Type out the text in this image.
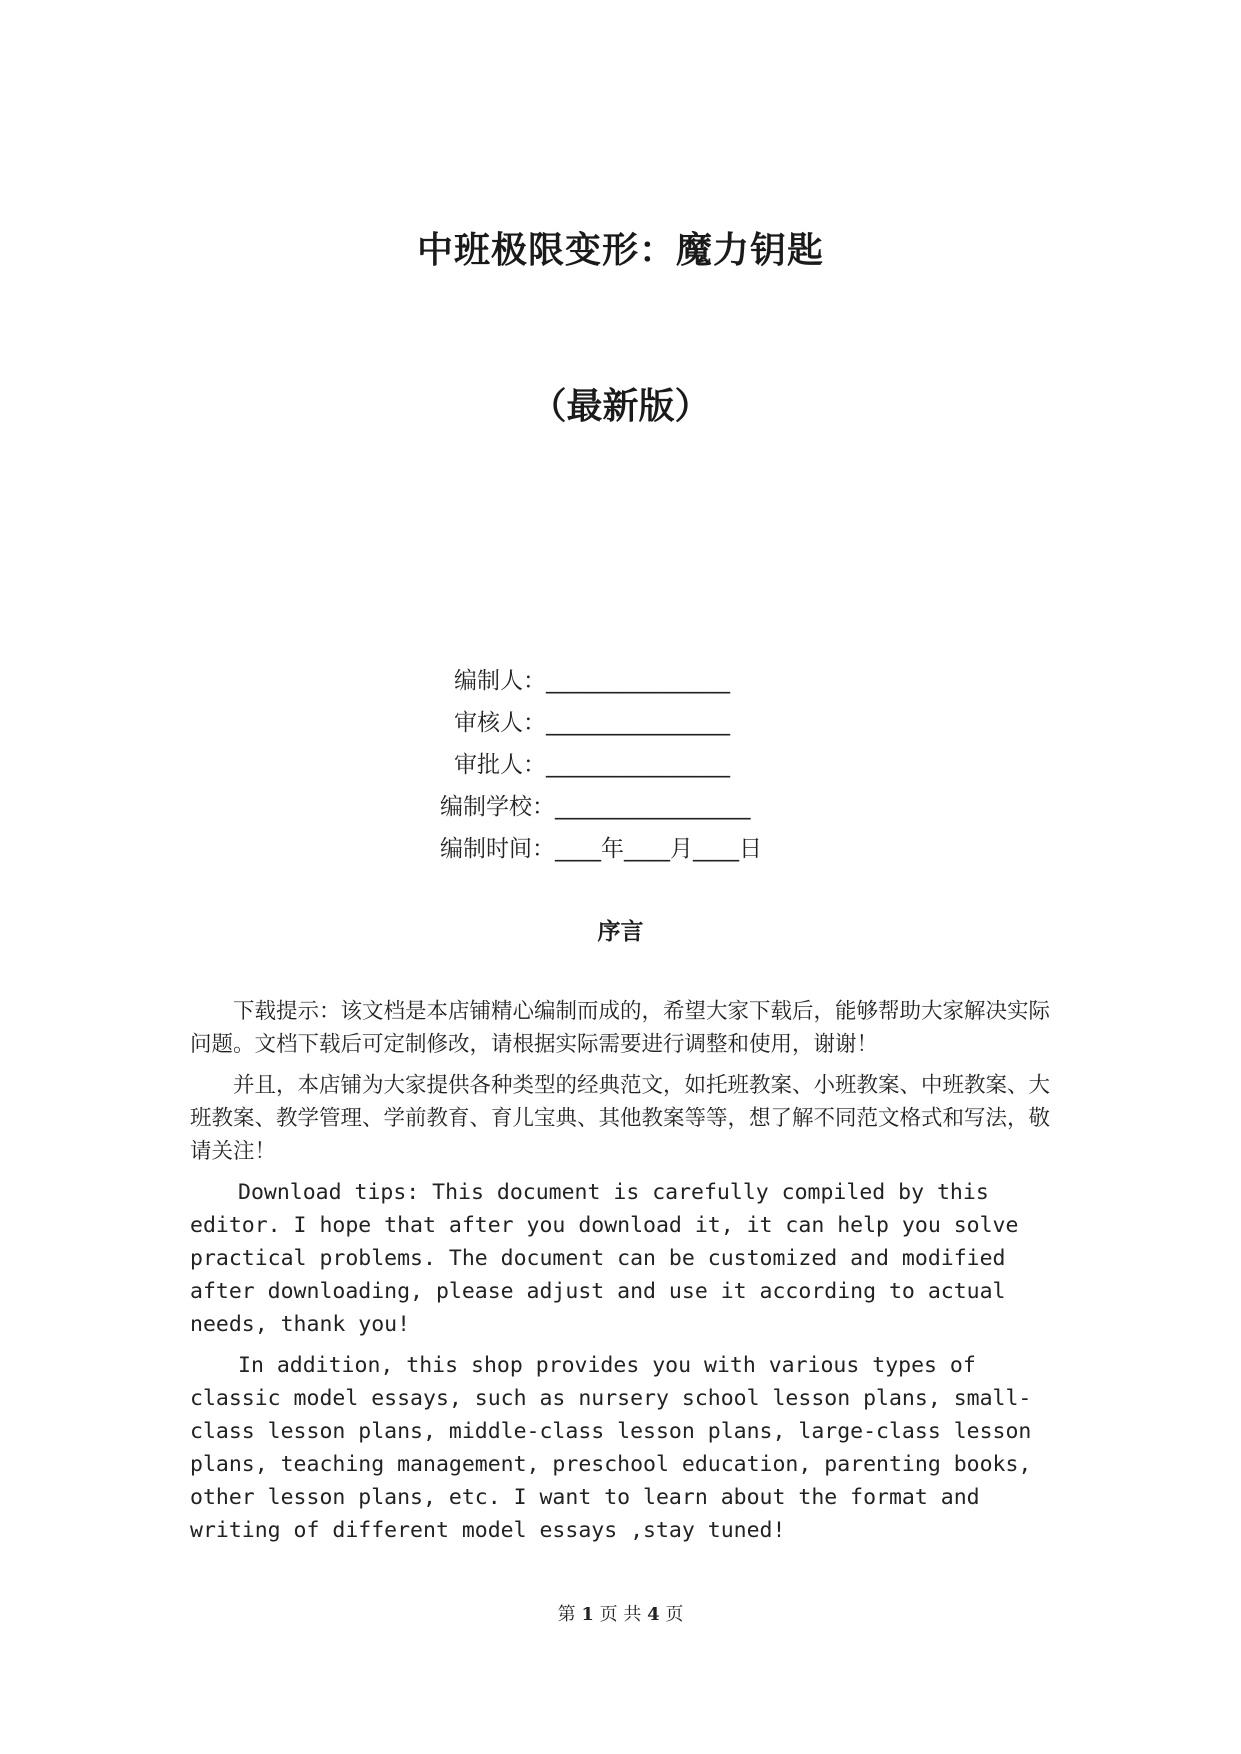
中班极限变形：魔力钥匙
（最新版）
编制人：________________
审核人：________________
审批人：________________
编制学校：_________________
编制时间：____年____月____日
序言

下载提示：该文档是本店铺精心编制而成的，希望大家下载后，能够帮助大家解决实际问题。文档下载后可定制修改，请根据实际需要进行调整和使用，谢谢！

并且，本店铺为大家提供各种类型的经典范文，如托班教案、小班教案、中班教案、大班教案、教学管理、学前教育、育儿宝典、其他教案等等，想了解不同范文格式和写法，敬请关注！

Download tips: This document is carefully compiled by this editor. I hope that after you download it, it can help you solve practical problems. The document can be customized and modified after downloading, please adjust and use it according to actual needs, thank you!

In addition, this shop provides you with various types of classic model essays, such as nursery school lesson plans, small-class lesson plans, middle-class lesson plans, large-class lesson plans, teaching management, preschool education, parenting books, other lesson plans, etc. I want to learn about the format and writing of different model essays ,stay tuned!

第 1 页 共 4 页
